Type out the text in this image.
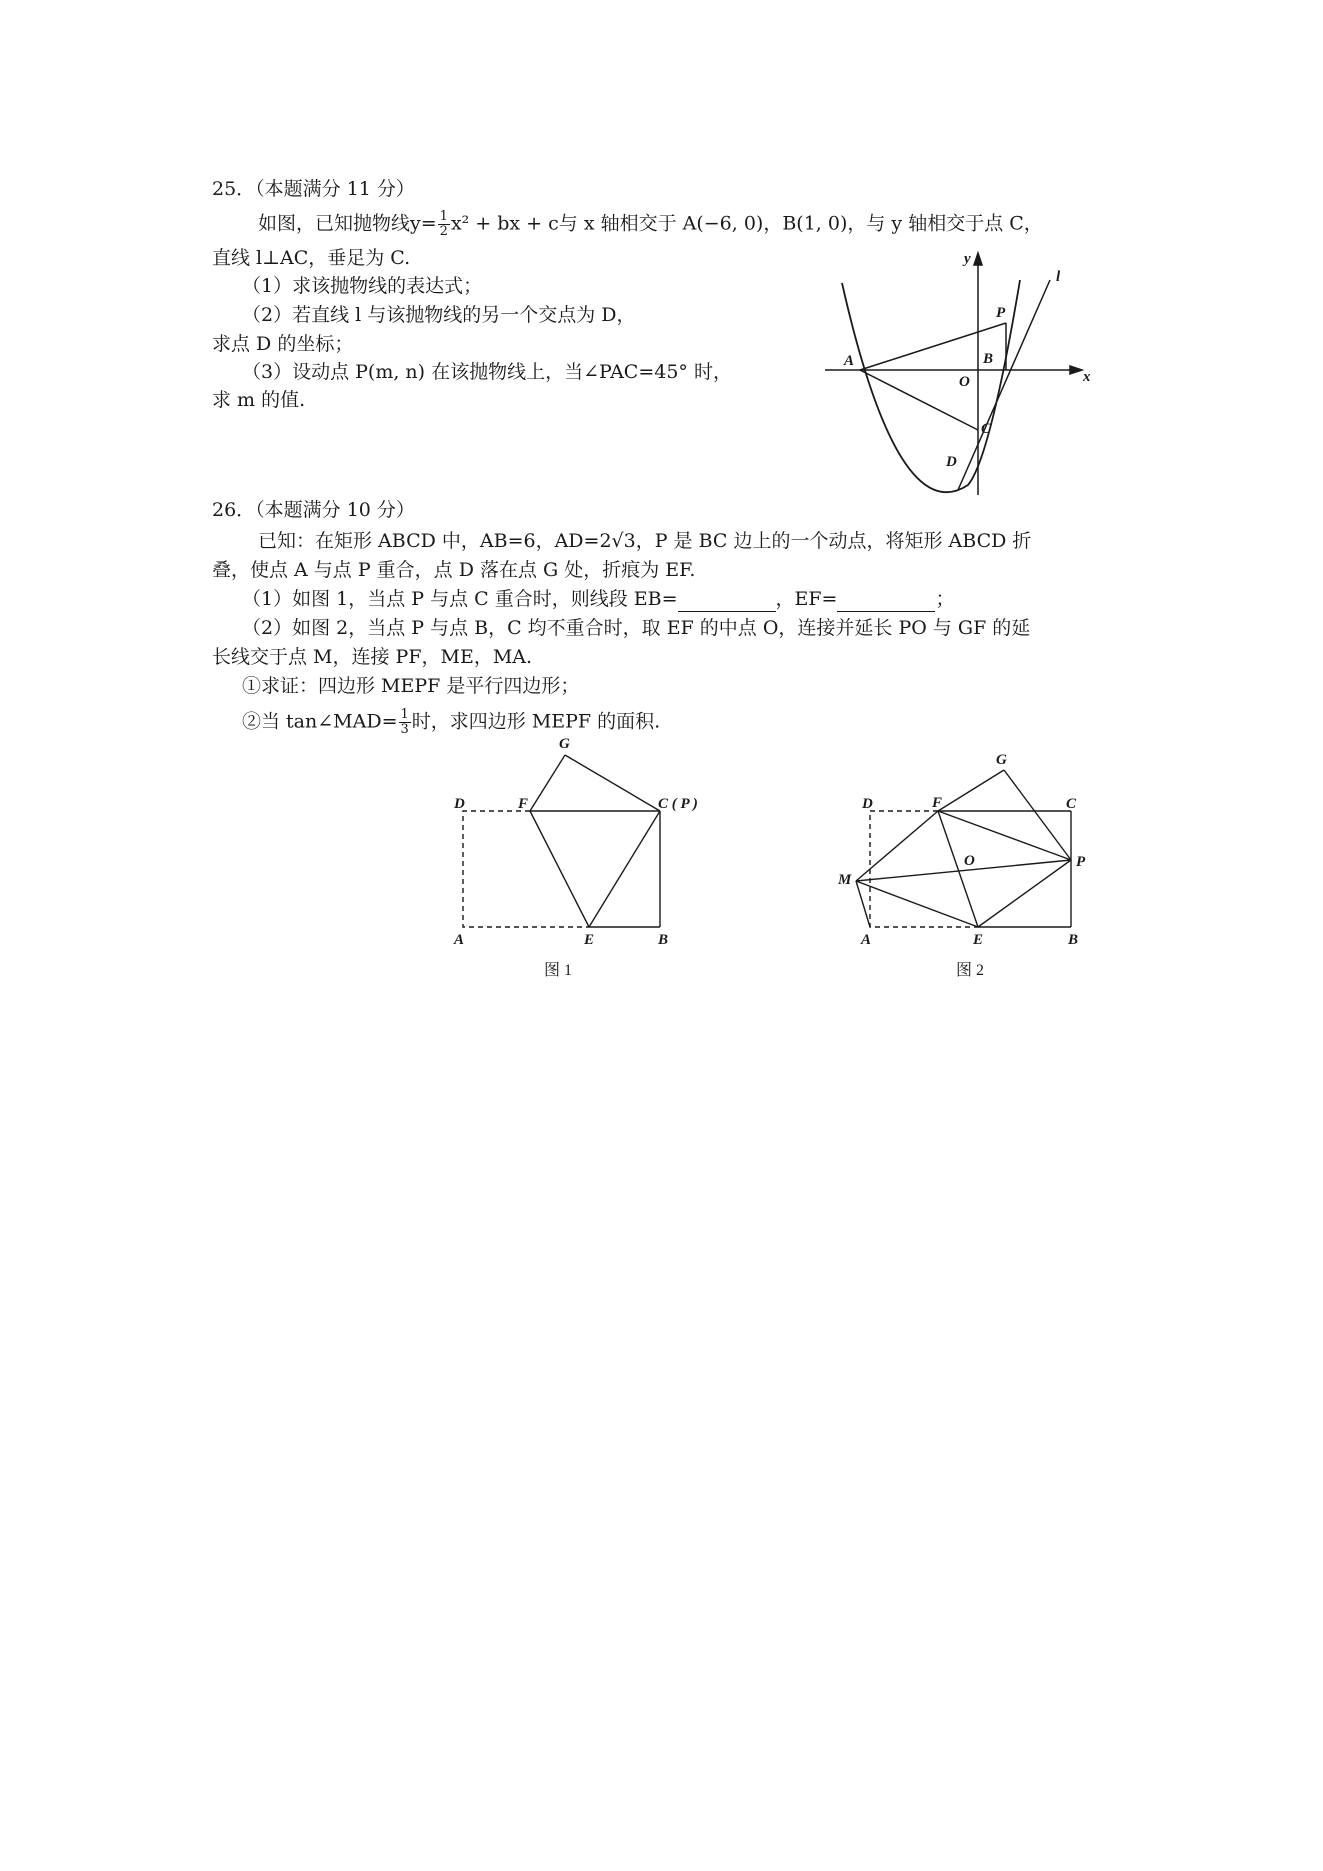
25．（本题满分 11 分）
如图，已知抛物线$y= \frac{1}{2} x^2$ + bx + c与 x 轴相交于 A(−6, 0)，B(1, 0)，与 y 轴相交于点 C，
直线 l⊥AC，垂足为 C.
（1）求该抛物线的表达式；
（2）若直线 l 与该抛物线的另一个交点为 D，
求点 D 的坐标；
（3）设动点 P(m, n) 在该抛物线上，当∠PAC=45° 时，
求 m 的值.
y
l
P
A	B
O	x
C
D
26．（本题满分 10 分）
已知：在矩形 ABCD 中，AB=6，AD=2√3，P 是 BC 边上的一个动点，将矩形 ABCD 折
叠，使点 A 与点 P 重合，点 D 落在点 G 处，折痕为 EF.
（1）如图 1，当点 P 与点 C 重合时，则线段 EB=	，EF=	；
（2）如图 2，当点 P 与点 B，C 均不重合时，取 EF 的中点 O，连接并延长 PO 与 GF 的延
长线交于点 M，连接 PF，ME，MA.
①求证：四边形 MEPF 是平行四边形；
②当 tan∠MAD= $\frac{1}{3}$ 时，求四边形 MEPF 的面积.
G
D	F	C ( P )
A	E	B
图 1
G
D	F	C
O	P
M
A	E	B
图 2
